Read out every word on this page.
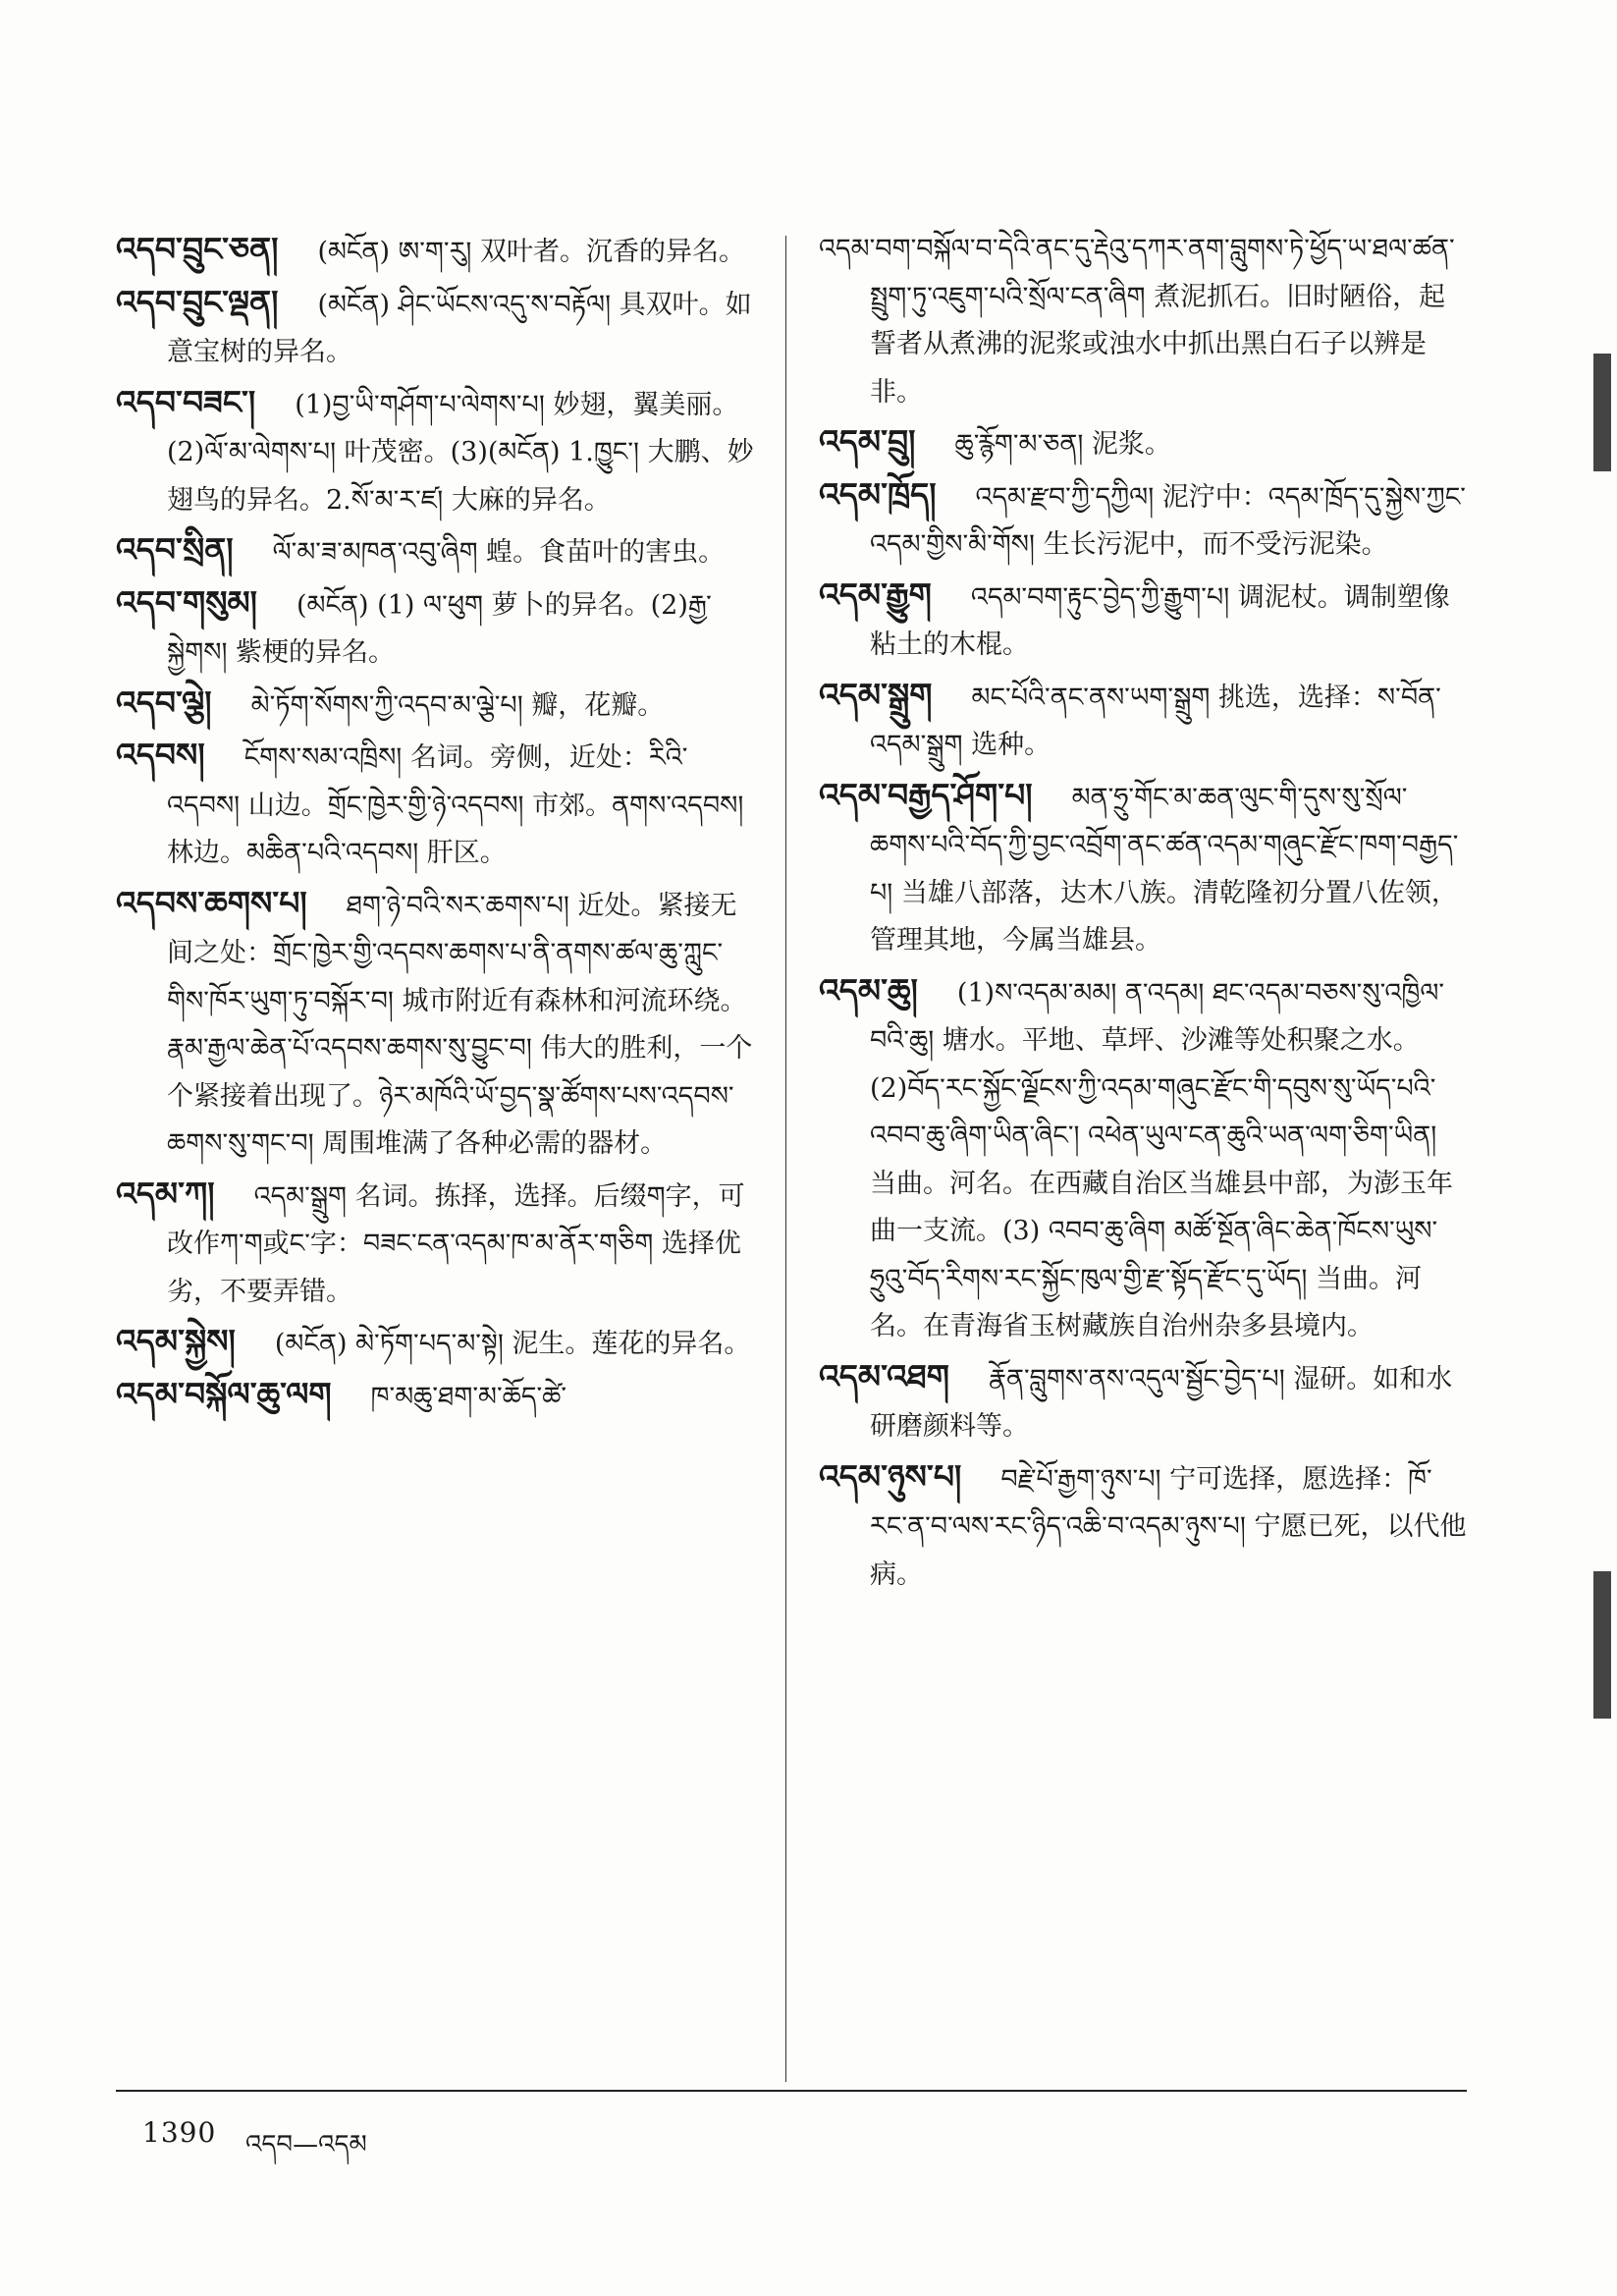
འདབ་བྲུང་ཅན། (མངོན) ཨ་ག་རུ། 双叶者。沉香的异名。
འདབ་བྲུང་ལྡན། (མངོན) ཤིང་ཡོངས་འདུ་ས་བརྟོལ། 具双叶。如意宝树的异名。
འདབ་བཟང་། (1)བྱ་ཡི་གཤོག་པ་ལེགས་པ། 妙翅，翼美丽。(2)ལོ་མ་ལེགས་པ། 叶茂密。(3)(མངོན) 1.ཁྱུང་། 大鹏、妙翅鸟的异名。2.སོ་མ་ར་ཛ། 大麻的异名。
འདབ་སྲིན། ལོ་མ་ཟ་མཁན་འབུ་ཞིག 蝗。食苗叶的害虫。
འདབ་གསུམ། (མངོན) (1) ལ་ཕུག 萝卜的异名。(2)རྒྱ་སྐྱེགས། 紫梗的异名。
འདབ་ལྕེ། མེ་ཏོག་སོགས་ཀྱི་འདབ་མ་ལྕེ་པ། 瓣，花瓣。
འདབས། ངོགས་སམ་འཁྲིས། 名词。旁侧，近处：རིའི་འདབས། 山边。གྲོང་ཁྱེར་གྱི་ཉེ་འདབས། 市郊。ནགས་འདབས། 林边。མཆིན་པའི་འདབས། 肝区。
འདབས་ཆགས་པ། ཐག་ཉེ་བའི་སར་ཆགས་པ། 近处。紧接无间之处：གྲོང་ཁྱེར་གྱི་འདབས་ཆགས་པ་ནི་ནགས་ཚལ་ཆུ་ཀླུང་གིས་ཁོར་ཡུག་ཏུ་བསྐོར་བ། 城市附近有森林和河流环绕。རྣམ་རྒྱལ་ཆེན་པོ་འདབས་ཆགས་སུ་བྱུང་བ། 伟大的胜利，一个个紧接着出现了。ཉེར་མཁོའི་ཡོ་བྱད་སྣ་ཚོགས་པས་འདབས་ཆགས་སུ་གང་བ། 周围堆满了各种必需的器材。
འདམ་ཀ། འདམ་སྒྲུག 名词。拣择，选择。后缀ག字，可改作ཀ་ག或ང་字：བཟང་ངན་འདམ་ཁ་མ་ནོར་གཅིག 选择优劣，不要弄错。
འདམ་སྐྱེས། (མངོན) མེ་ཏོག་པད་མ་སྟེ། 泥生。莲花的异名。
འདམ་བསྐོལ་ཆུ་ལག ཁ་མཆུ་ཐག་མ་ཆོད་ཚེ་
འདམ་བག་བསྐོལ་བ་དེའི་ནང་དུ་རྡེའུ་དཀར་ནག་བླུགས་ཏེ་ཕྱོད་ཡ་ཐལ་ཚན་སྤྲུག་ཏུ་འཇུག་པའི་སྲོལ་ངན་ཞིག 煮泥抓石。旧时陋俗，起誓者从煮沸的泥浆或浊水中抓出黑白石子以辨是非。
འདམ་བྲུ། ཆུ་རྙོག་མ་ཅན། 泥浆。
འདམ་ཁྲོད། འདམ་རྫབ་ཀྱི་དཀྱིལ། 泥泞中：འདམ་ཁྲོད་དུ་སྐྱེས་ཀྱང་འདམ་གྱིས་མི་གོས། 生长污泥中，而不受污泥染。
འདམ་རྒྱུག འདམ་བག་རྟུང་བྱེད་ཀྱི་རྒྱུག་པ། 调泥杖。调制塑像粘土的木棍。
འདམ་སྒྲུག མང་པོའི་ནང་ནས་ཡག་སྒྲུག 挑选，选择：ས་བོན་འདམ་སྒྲུག 选种。
འདམ་བརྒྱད་ཤོག་པ། མན་ཧྲུ་གོང་མ་ཆན་ལུང་གི་དུས་སུ་སྲོལ་ཆགས་པའི་བོད་ཀྱི་བྱང་འབྲོག་ནང་ཚན་འདམ་གཞུང་རྫོང་ཁག་བརྒྱད་པ། 当雄八部落，达木八族。清乾隆初分置八佐领，管理其地，今属当雄县。
འདམ་ཆུ། (1)ས་འདམ་མམ། ན་འདམ། ཐང་འདམ་བཅས་སུ་འཁྱིལ་བའི་ཆུ། 塘水。平地、草坪、沙滩等处积聚之水。(2)བོད་རང་སྐྱོང་ལྗོངས་ཀྱི་འདམ་གཞུང་རྫོང་གི་དབུས་སུ་ཡོད་པའི་འབབ་ཆུ་ཞིག་ཡིན་ཞིང་། འཕེན་ཡུལ་ངན་ཆུའི་ཡན་ལག་ཅིག་ཡིན། 当曲。河名。在西藏自治区当雄县中部，为澎玉年曲一支流。(3) འབབ་ཆུ་ཞིག མཚོ་སྔོན་ཞིང་ཆེན་ཁོངས་ཡུས་ཧྲུའུ་བོད་རིགས་རང་སྐྱོང་ཁུལ་གྱི་རྫ་སྟོད་རྫོང་དུ་ཡོད། 当曲。河名。在青海省玉树藏族自治州杂多县境内。
འདམ་འཐག རྣོན་བླུགས་ནས་འདུལ་སྦྱོང་བྱེད་པ། 湿研。如和水研磨颜料等。
འདམ་ཉུས་པ། བརྗེ་པོ་རྒྱག་ཉུས་པ། 宁可选择，愿选择：ཁོ་རང་ན་བ་ལས་རང་ཉིད་འཆི་བ་འདམ་ཉུས་པ། 宁愿已死，以代他病。
1390 འདབ—འདམ
